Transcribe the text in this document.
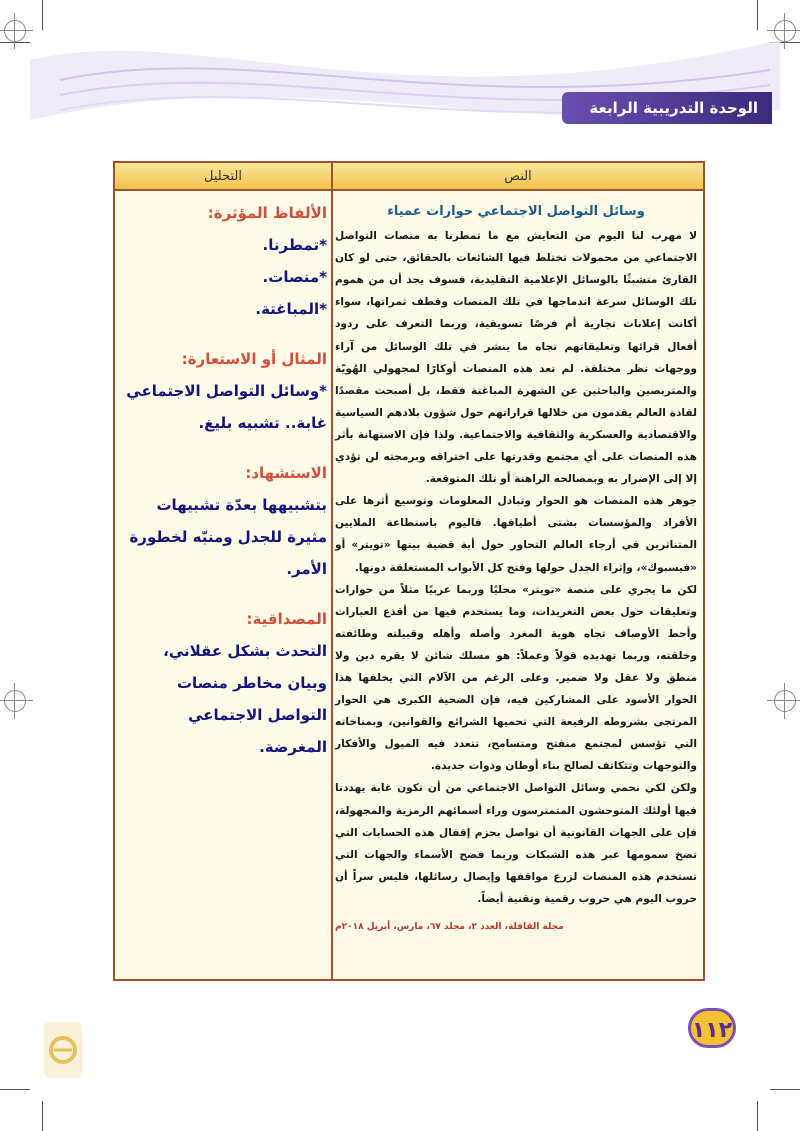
الوحدة التدريبية الرابعة
النص
التحليل

وسائل التواصل الاجتماعي حوارات عمياء

لا مهرب لنا اليوم من التعايش مع ما تمطرنا به منصات التواصل الاجتماعي من محمولات تختلط فيها الشائعات بالحقائق، حتى لو كان القارئ متشبثًا بالوسائل الإعلامية التقليدية، فسوف يجد أن من هموم تلك الوسائل سرعة اندماجها في تلك المنصات وقطف ثمراتها، سواء أكانت إعلانات تجارية أم فرصًا تسويقية، وربما التعرف على ردود أفعال قرائها وتعليقاتهم تجاه ما ينشر في تلك الوسائل من آراء ووجهات نظر مختلفة. لم تعد هذه المنصات أوكارًا لمجهولي الهُويّة والمتربصين والباحثين عن الشهرة المباغتة فقط، بل أصبحت مقصدًا لقادة العالم يقدمون من خلالها قراراتهم حول شؤون بلادهم السياسية والاقتصادية والعسكرية والثقافية والاجتماعية. ولذا فإن الاستهانة بأثر هذه المنصات على أي مجتمع وقدرتها على اختراقه وبرمجته لن تؤدي إلا إلى الإضرار به وبمصالحه الراهنة أو تلك المتوقعة.

جوهر هذه المنصات هو الحوار وتبادل المعلومات وتوسيع أثرها على الأفراد والمؤسسات بشتى أطيافها. فاليوم باستطاعة الملايين المتناثرين في أرجاء العالم التحاور حول أية قضية بينها «تويتر» أو «فيسبوك»، وإثراء الجدل حولها وفتح كل الأبواب المستغلقة دونها.

لكن ما يجري على منصة «تويتر» محليًا وربما عربيًا مثلاً من حوارات وتعليقات حول بعض التغريدات، وما يستخدم فيها من أقذع العبارات وأحط الأوصاف تجاه هوية المغرد وأصله وأهله وقبيلته وطائفته وخلقته، وربما تهديده قولاً وعملاً: هو مسلك شائن لا يقره دين ولا منطق ولا عقل ولا ضمير. وعلى الرغم من الآلام التي يخلفها هذا الحوار الأسود على المشاركين فيه، فإن الضحية الكبرى هي الحوار المرتجى بشروطه الرفيعة التي تحميها الشرائع والقوانين، وبمناخاته التي تؤسس لمجتمع منفتح ومتسامح، تتعدد فيه الميول والأفكار والتوجهات وتتكاتف لصالح بناء أوطان وذوات جديدة.

ولكن لكي نحمي وسائل التواصل الاجتماعي من أن تكون غابة يهددنا فيها أولئك المتوحشون المتمترسون وراء أسمائهم الرمزية والمجهولة، فإن على الجهات القانونية أن تواصل بحزم إقفال هذه الحسابات التي تضخ سمومها عبر هذه الشبكات وربما فضح الأسماء والجهات التي تستخدم هذه المنصات لزرع مواقفها وإيصال رسائلها، فليس سراً أن حروب اليوم هي حروب رقمية وتقنية أيضاً.

مجلة القافلة، العدد ٢، مجلد ٦٧، مارس، أبريل ٢٠١٨م

الألفاظ المؤثرة:
*تمطرنا.
*منصات.
*المباغتة.
المثال أو الاستعارة:
*وسائل التواصل الاجتماعي غابة.. تشبيه بليغ.
الاستشهاد:
بتشبيهها بعدّة تشبيهات مثيرة للجدل ومنبّه لخطورة الأمر.
المصداقية:
التحدث بشكل عقلاني، وبيان مخاطر منصات التواصل الاجتماعي المغرضة.
١١٢
